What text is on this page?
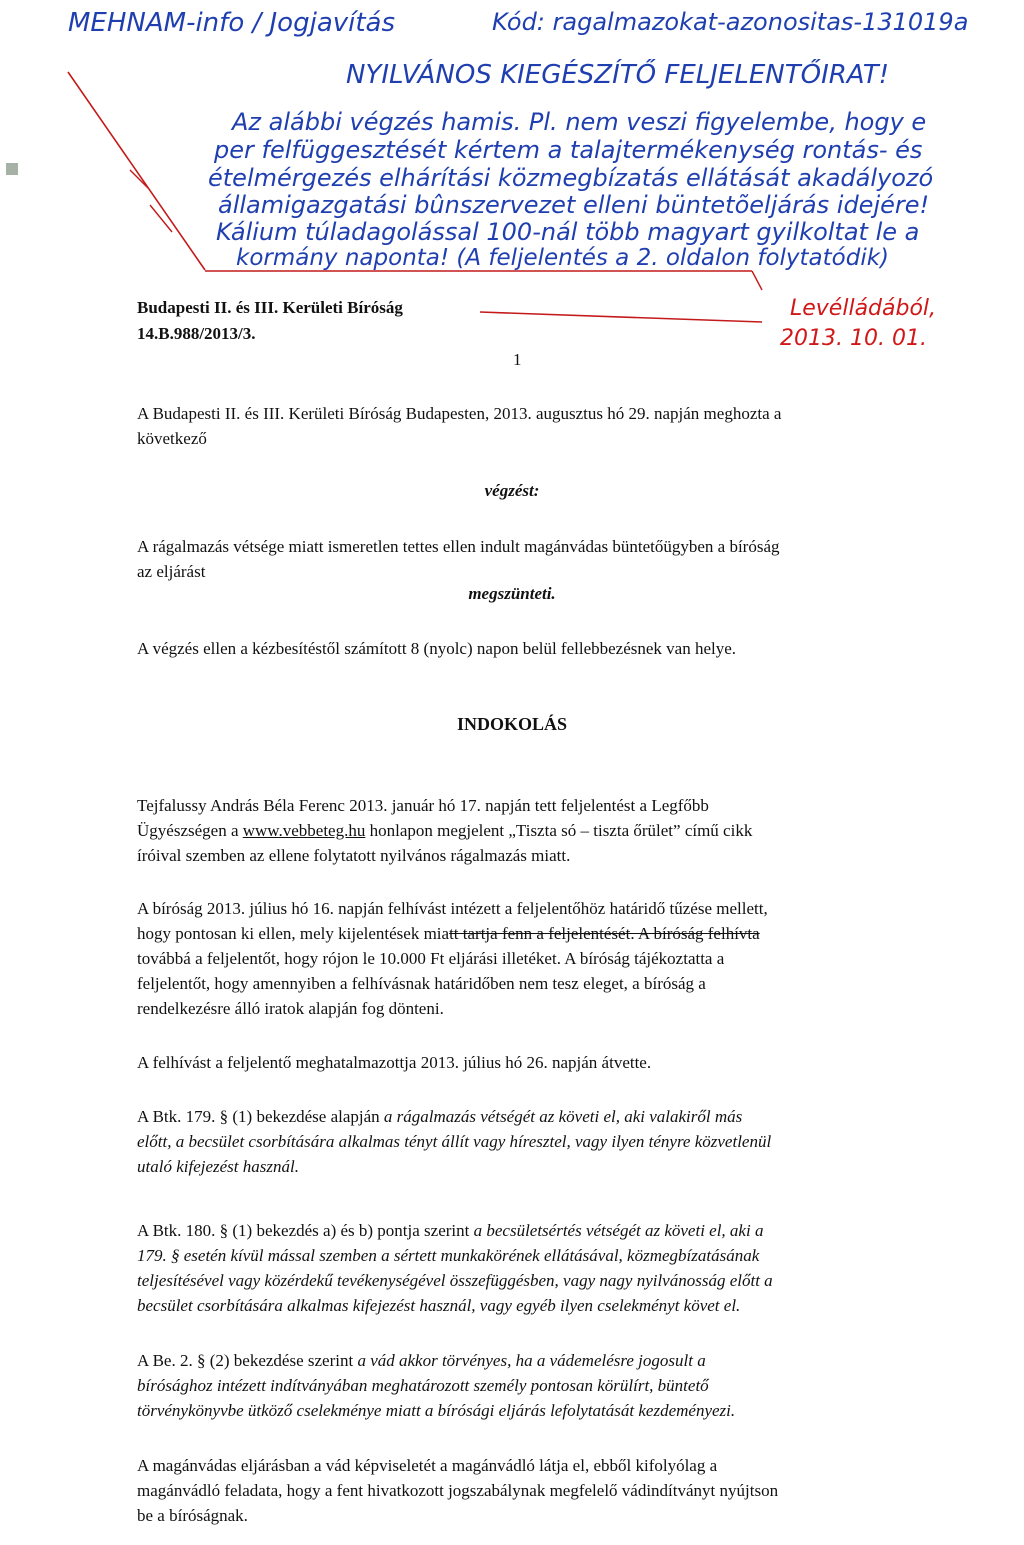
MEHNAM-info / Jogjavítás	Kód: ragalmazokat-azonositas-131019a
NYILVÁNOS KIEGÉSZÍTŐ FELJELENTŐIRAT!
Az alábbi végzés hamis. Pl. nem veszi figyelembe, hogy e
per felfüggesztését kértem a talajtermékenység rontás- és
ételmérgezés elhárítási közmegbízatás ellátását akadályozó
államigazgatási bûnszervezet elleni büntetõeljárás idejére!
Kálium túladagolással 100-nál több magyart gyilkoltat le a
kormány naponta! (A feljelentés a 2. oldalon folytatódik)
Levélládából,
2013. 10. 01.
Budapesti II. és III. Kerületi Bíróság
14.B.988/2013/3.
1
A Budapesti II. és III. Kerületi Bíróság Budapesten, 2013. augusztus hó 29. napján meghozta a
következő
végzést:
A rágalmazás vétsége miatt ismeretlen tettes ellen indult magánvádas büntetőügyben a bíróság
az eljárást
megszünteti.
A végzés ellen a kézbesítéstől számított 8 (nyolc) napon belül fellebbezésnek van helye.
INDOKOLÁS
Tejfalussy András Béla Ferenc 2013. január hó 17. napján tett feljelentést a Legfőbb
Ügyészségen a www.vebbeteg.hu honlapon megjelent „Tiszta só – tiszta őrület” című cikk
íróival szemben az ellene folytatott nyilvános rágalmazás miatt.
A bíróság 2013. július hó 16. napján felhívást intézett a feljelentőhöz határidő tűzése mellett,
hogy pontosan ki ellen, mely kijelentések miatt tartja fenn a feljelentését. A bíróság felhívta
továbbá a feljelentőt, hogy rójon le 10.000 Ft eljárási illetéket. A bíróság tájékoztatta a
feljelentőt, hogy amennyiben a felhívásnak határidőben nem tesz eleget, a bíróság a
rendelkezésre álló iratok alapján fog dönteni.
A felhívást a feljelentő meghatalmazottja 2013. július hó 26. napján átvette.
A Btk. 179. § (1) bekezdése alapján a rágalmazás vétségét az követi el, aki valakiről más
előtt, a becsület csorbítására alkalmas tényt állít vagy híresztel, vagy ilyen tényre közvetlenül
utaló kifejezést használ.
A Btk. 180. § (1) bekezdés a) és b) pontja szerint a becsületsértés vétségét az követi el, aki a
179. § esetén kívül mással szemben a sértett munkakörének ellátásával, közmegbízatásának
teljesítésével vagy közérdekű tevékenységével összefüggésben, vagy nagy nyilvánosság előtt a
becsület csorbítására alkalmas kifejezést használ, vagy egyéb ilyen cselekményt követ el.
A Be. 2. § (2) bekezdése szerint a vád akkor törvényes, ha a vádemelésre jogosult a
bírósághoz intézett indítványában meghatározott személy pontosan körülírt, büntető
törvénykönyvbe ütköző cselekménye miatt a bírósági eljárás lefolytatását kezdeményezi.
A magánvádas eljárásban a vád képviseletét a magánvádló látja el, ebből kifolyólag a
magánvádló feladata, hogy a fent hivatkozott jogszabálynak megfelelő vádindítványt nyújtson
be a bíróságnak.
